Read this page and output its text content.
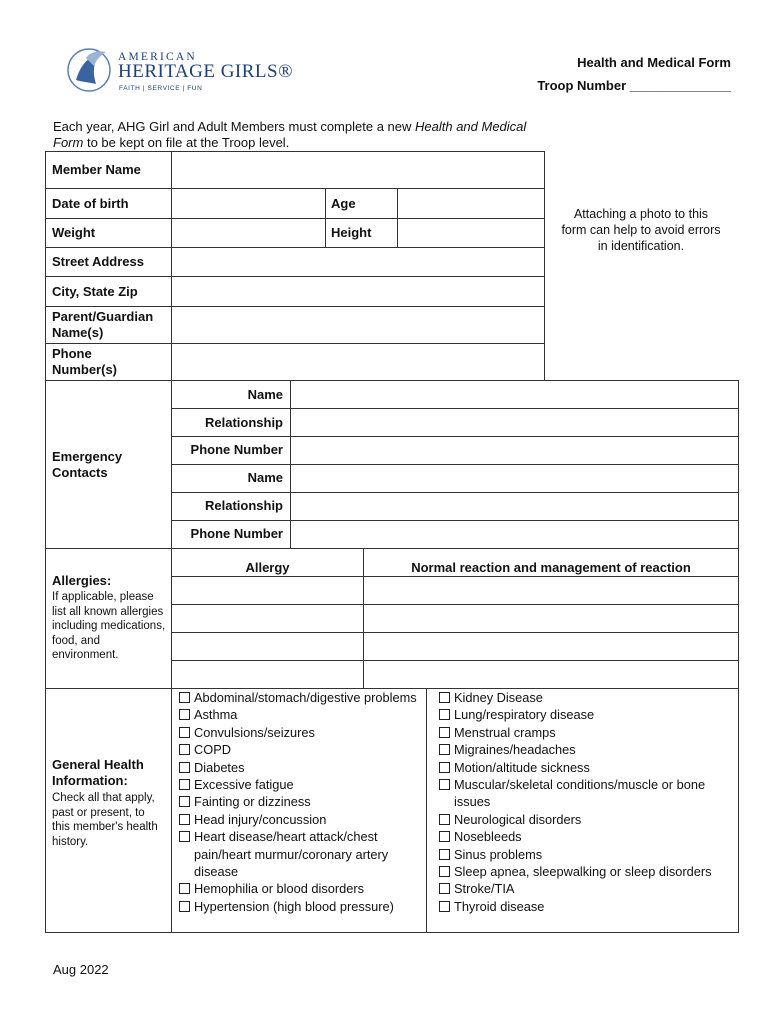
AMERICAN
HERITAGE GIRLS®
FAITH | SERVICE | FUN
Health and Medical Form
Troop Number ______________
Each year, AHG Girl and Adult Members must complete a new Health and Medical Form to be kept on file at the Troop level.
Member Name
Date of birth	Age
Weight	Height
Street Address
City, State Zip
Parent/Guardian Name(s)
Phone Number(s)
Attaching a photo to this form can help to avoid errors in identification.
Emergency Contacts
Name
Relationship
Phone Number
Name
Relationship
Phone Number
Allergy	Normal reaction and management of reaction
Allergies:
If applicable, please list all known allergies including medications, food, and environment.
General Health Information:
Check all that apply, past or present, to this member's health history.
Abdominal/stomach/digestive problems
Asthma
Convulsions/seizures
COPD
Diabetes
Excessive fatigue
Fainting or dizziness
Head injury/concussion
Heart disease/heart attack/chest pain/heart murmur/coronary artery disease
Hemophilia or blood disorders
Hypertension (high blood pressure)
Kidney Disease
Lung/respiratory disease
Menstrual cramps
Migraines/headaches
Motion/altitude sickness
Muscular/skeletal conditions/muscle or bone issues
Neurological disorders
Nosebleeds
Sinus problems
Sleep apnea, sleepwalking or sleep disorders
Stroke/TIA
Thyroid disease
Aug 2022
